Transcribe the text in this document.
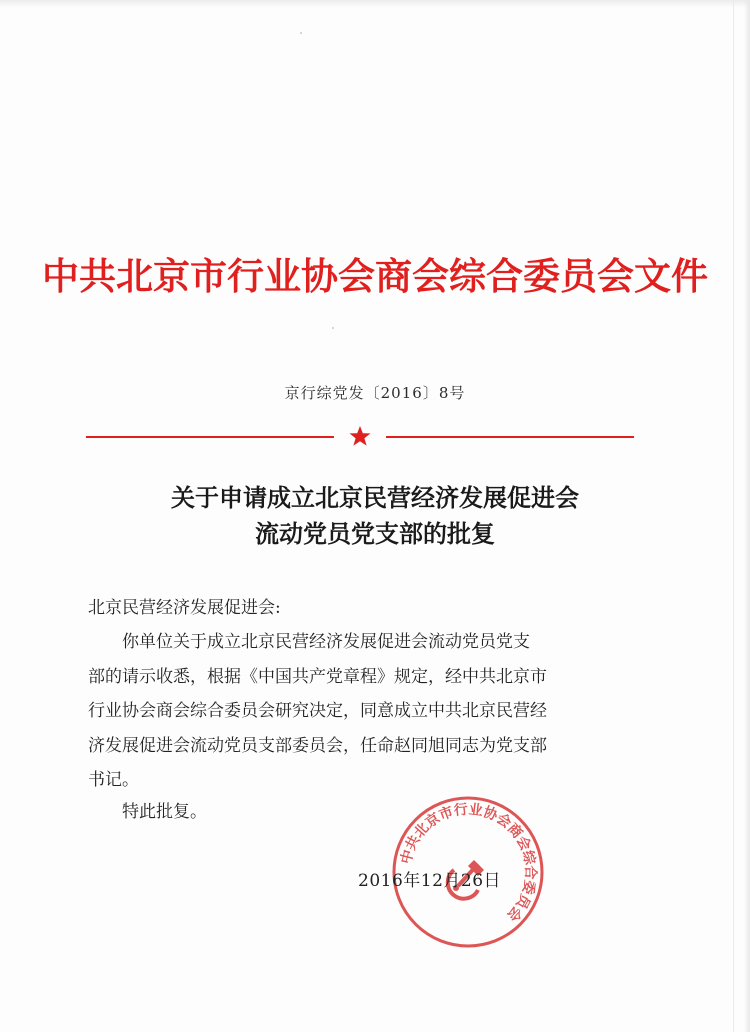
中共北京市行业协会商会综合委员会文件
京行综党发〔2016〕8号
关于申请成立北京民营经济发展促进会
流动党员党支部的批复
北京民营经济发展促进会:
你单位关于成立北京民营经济发展促进会流动党员党支
部的请示收悉，根据《中国共产党章程》规定，经中共北京市
行业协会商会综合委员会研究决定，同意成立中共北京民营经
济发展促进会流动党员支部委员会，任命赵同旭同志为党支部
书记。
特此批复。
中共北京市行业协会商会综合委员会
2016年12月26日
